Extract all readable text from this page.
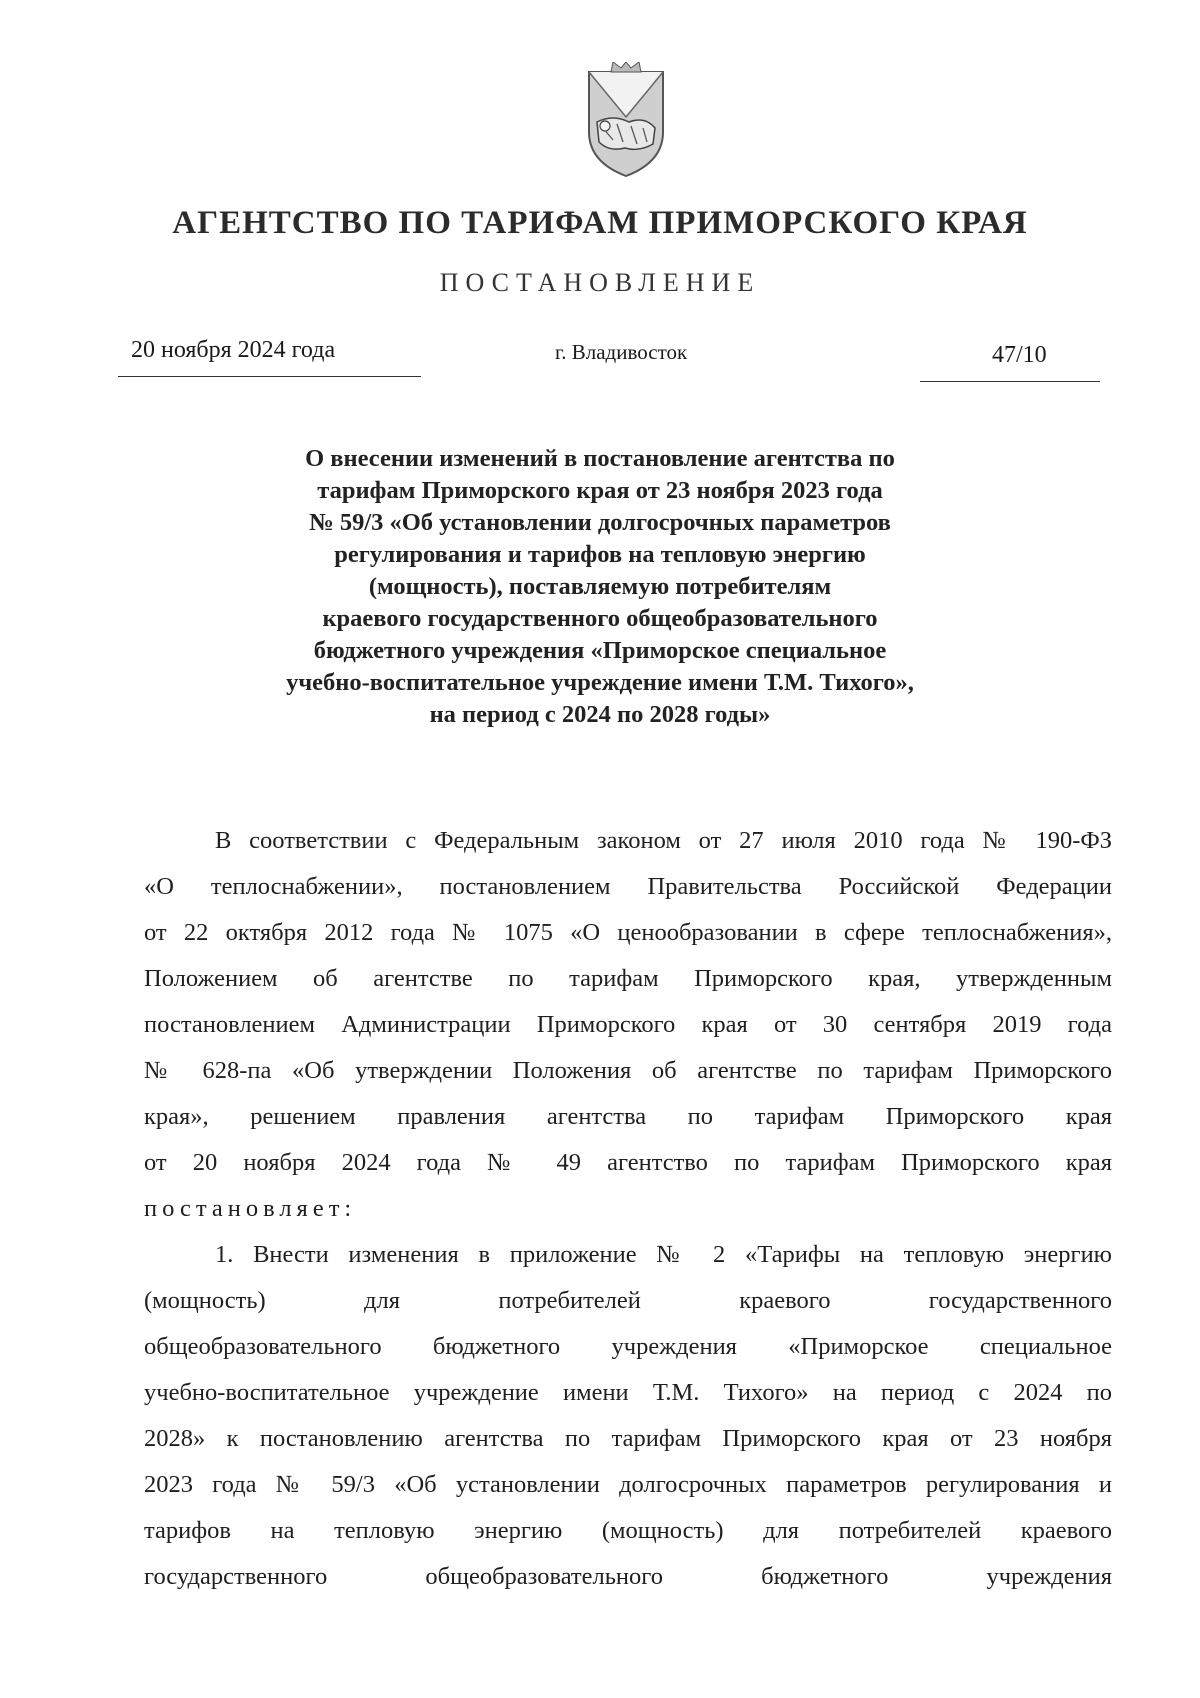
АГЕНТСТВО ПО ТАРИФАМ ПРИМОРСКОГО КРАЯ
ПОСТАНОВЛЕНИЕ
20 ноября 2024 года	г. Владивосток	47/10
О внесении изменений в постановление агентства по
тарифам Приморского края от 23 ноября 2023 года
№ 59/3 «Об установлении долгосрочных параметров
регулирования и тарифов на тепловую энергию
(мощность), поставляемую потребителям
краевого государственного общеобразовательного
бюджетного учреждения «Приморское специальное
учебно-воспитательное учреждение имени Т.М. Тихого»,
на период с 2024 по 2028 годы»
В соответствии с Федеральным законом от 27 июля 2010 года № 190-ФЗ
«О теплоснабжении», постановлением Правительства Российской Федерации
от 22 октября 2012 года № 1075 «О ценообразовании в сфере теплоснабжения»,
Положением об агентстве по тарифам Приморского края, утвержденным
постановлением Администрации Приморского края от 30 сентября 2019 года
№ 628-па «Об утверждении Положения об агентстве по тарифам Приморского
края», решением правления агентства по тарифам Приморского края
от 20 ноября 2024 года № 49 агентство по тарифам Приморского края
постановляет:
1. Внести изменения в приложение № 2 «Тарифы на тепловую энергию
(мощность) для потребителей краевого государственного
общеобразовательного бюджетного учреждения «Приморское специальное
учебно-воспитательное учреждение имени Т.М. Тихого» на период с 2024 по
2028» к постановлению агентства по тарифам Приморского края от 23 ноября
2023 года № 59/3 «Об установлении долгосрочных параметров регулирования и
тарифов на тепловую энергию (мощность) для потребителей краевого
государственного общеобразовательного бюджетного учреждения
